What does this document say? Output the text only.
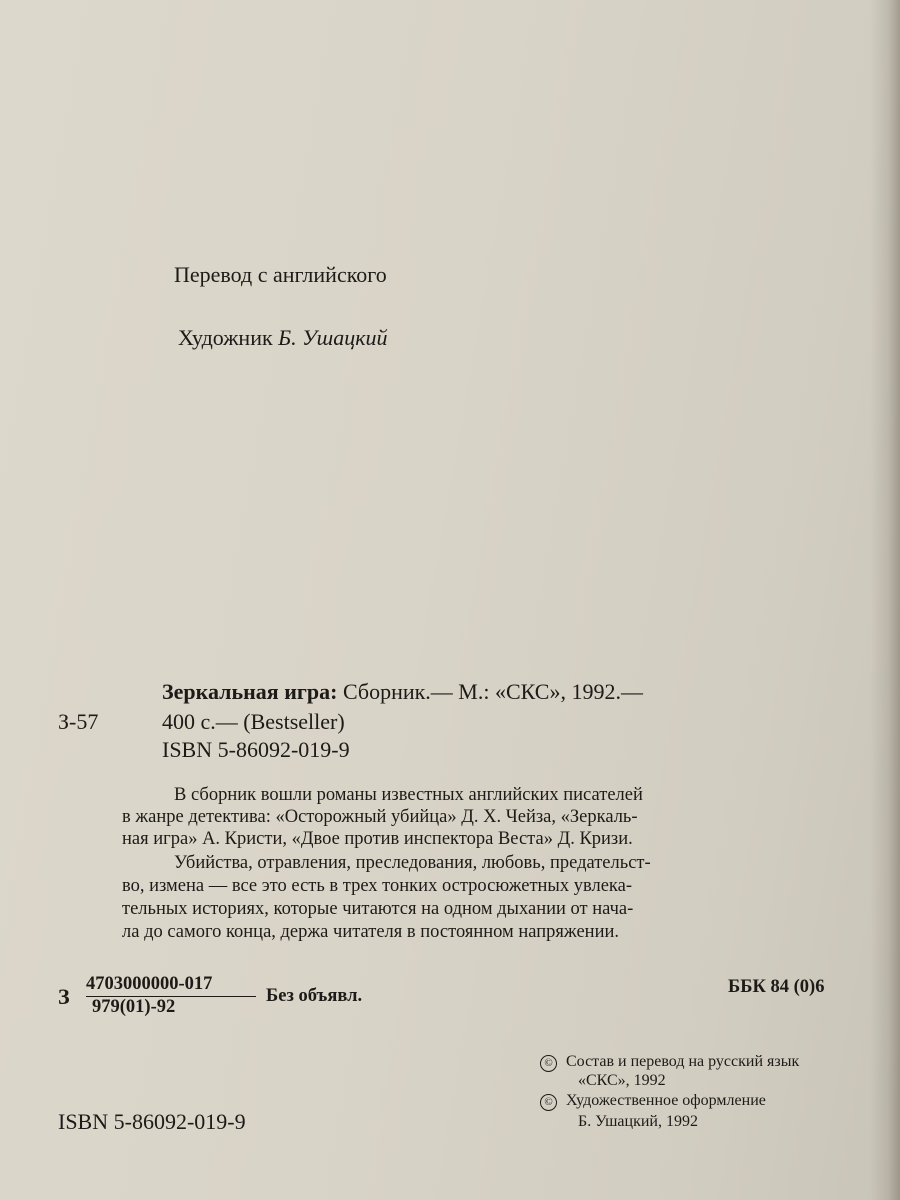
Перевод с английского
Художник Б. Ушацкий
Зеркальная игра: Сборник.— М.: «СКС», 1992.—
З-57	400 с.— (Bestseller)
ISBN 5-86092-019-9
В сборник вошли романы известных английских писателей
в жанре детектива: «Осторожный убийца» Д. Х. Чейза, «Зеркаль-
ная игра» А. Кристи, «Двое против инспектора Веста» Д. Кризи.
Убийства, отравления, преследования, любовь, предательст-
во, измена — все это есть в трех тонких остросюжетных увлека-
тельных историях, которые читаются на одном дыхании от нача-
ла до самого конца, держа читателя в постоянном напряжении.
З $\frac{4703000000-017}{979(01)-92}$ Без объявл.	ББК 84 (0)6
ISBN 5-86092-019-9
© Состав и перевод на русский язык
«СКС», 1992
© Художественное оформление
Б. Ушацкий, 1992
